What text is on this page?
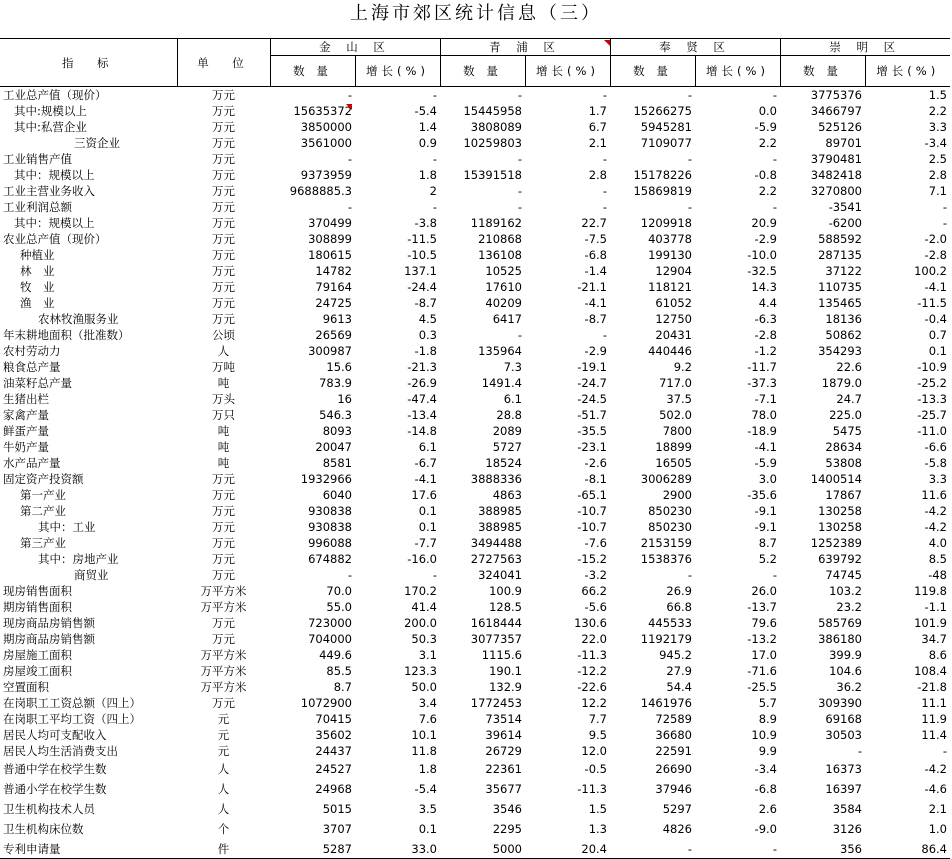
上海市郊区统计信息（三）
指　标	单　位	金 山 区		青 浦 区		奉 贤 区		崇 明 区	
		数 量	增长(%)	数 量	增长(%)	数 量	增长(%)	数 量	增长(%)
工业总产值（现价）	万元	-	-	-	-	-	-	3775376	1.5
其中:规模以上	万元	15635372	-5.4	15445958	1.7	15266275	0.0	3466797	2.2
其中:私营企业	万元	3850000	1.4	3808089	6.7	5945281	-5.9	525126	3.3
三资企业	万元	3561000	0.9	10259803	2.1	7109077	2.2	89701	-3.4
工业销售产值	万元	-	-	-	-	-	-	3790481	2.5
其中：规模以上	万元	9373959	1.8	15391518	2.8	15178226	-0.8	3482418	2.8
工业主营业务收入	万元	9688885.3	2	-	-	15869819	2.2	3270800	7.1
工业利润总额	万元	-	-	-	-	-	-	-3541	-
其中：规模以上	万元	370499	-3.8	1189162	22.7	1209918	20.9	-6200	-
农业总产值（现价）	万元	308899	-11.5	210868	-7.5	403778	-2.9	588592	-2.0
种植业	万元	180615	-10.5	136108	-6.8	199130	-10.0	287135	-2.8
林　业	万元	14782	137.1	10525	-1.4	12904	-32.5	37122	100.2
牧　业	万元	79164	-24.4	17610	-21.1	118121	14.3	110735	-4.1
渔　业	万元	24725	-8.7	40209	-4.1	61052	4.4	135465	-11.5
农林牧渔服务业	万元	9613	4.5	6417	-8.7	12750	-6.3	18136	-0.4
年末耕地面积（批准数）	公顷	26569	0.3	-	-	20431	-2.8	50862	0.7
农村劳动力	人	300987	-1.8	135964	-2.9	440446	-1.2	354293	0.1
粮食总产量	万吨	15.6	-21.3	7.3	-19.1	9.2	-11.7	22.6	-10.9
油菜籽总产量	吨	783.9	-26.9	1491.4	-24.7	717.0	-37.3	1879.0	-25.2
生猪出栏	万头	16	-47.4	6.1	-24.5	37.5	-7.1	24.7	-13.3
家禽产量	万只	546.3	-13.4	28.8	-51.7	502.0	78.0	225.0	-25.7
鲜蛋产量	吨	8093	-14.8	2089	-35.5	7800	-18.9	5475	-11.0
牛奶产量	吨	20047	6.1	5727	-23.1	18899	-4.1	28634	-6.6
水产品产量	吨	8581	-6.7	18524	-2.6	16505	-5.9	53808	-5.8
固定资产投资额	万元	1932966	-4.1	3888336	-8.1	3006289	3.0	1400514	3.3
第一产业	万元	6040	17.6	4863	-65.1	2900	-35.6	17867	11.6
第二产业	万元	930838	0.1	388985	-10.7	850230	-9.1	130258	-4.2
其中：工业	万元	930838	0.1	388985	-10.7	850230	-9.1	130258	-4.2
第三产业	万元	996088	-7.7	3494488	-7.6	2153159	8.7	1252389	4.0
其中：房地产业	万元	674882	-16.0	2727563	-15.2	1538376	5.2	639792	8.5
商贸业	万元	-	-	324041	-3.2	-	-	74745	-48
现房销售面积	万平方米	70.0	170.2	100.9	66.2	26.9	26.0	103.2	119.8
期房销售面积	万平方米	55.0	41.4	128.5	-5.6	66.8	-13.7	23.2	-1.1
现房商品房销售额	万元	723000	200.0	1618444	130.6	445533	79.6	585769	101.9
期房商品房销售额	万元	704000	50.3	3077357	22.0	1192179	-13.2	386180	34.7
房屋施工面积	万平方米	449.6	3.1	1115.6	-11.3	945.2	17.0	399.9	8.6
房屋竣工面积	万平方米	85.5	123.3	190.1	-12.2	27.9	-71.6	104.6	108.4
空置面积	万平方米	8.7	50.0	132.9	-22.6	54.4	-25.5	36.2	-21.8
在岗职工工资总额（四上）	万元	1072900	3.4	1772453	12.2	1461976	5.7	309390	11.1
在岗职工平均工资（四上）	元	70415	7.6	73514	7.7	72589	8.9	69168	11.9
居民人均可支配收入	元	35602	10.1	39614	9.5	36680	10.9	30503	11.4
居民人均生活消费支出	元	24437	11.8	26729	12.0	22591	9.9	-	-
普通中学在校学生数	人	24527	1.8	22361	-0.5	26690	-3.4	16373	-4.2
普通小学在校学生数	人	24968	-5.4	35677	-11.3	37946	-6.8	16397	-4.6
卫生机构技术人员	人	5015	3.5	3546	1.5	5297	2.6	3584	2.1
卫生机构床位数	个	3707	0.1	2295	1.3	4826	-9.0	3126	1.0
专利申请量	件	5287	33.0	5000	20.4	-	-	356	86.4
